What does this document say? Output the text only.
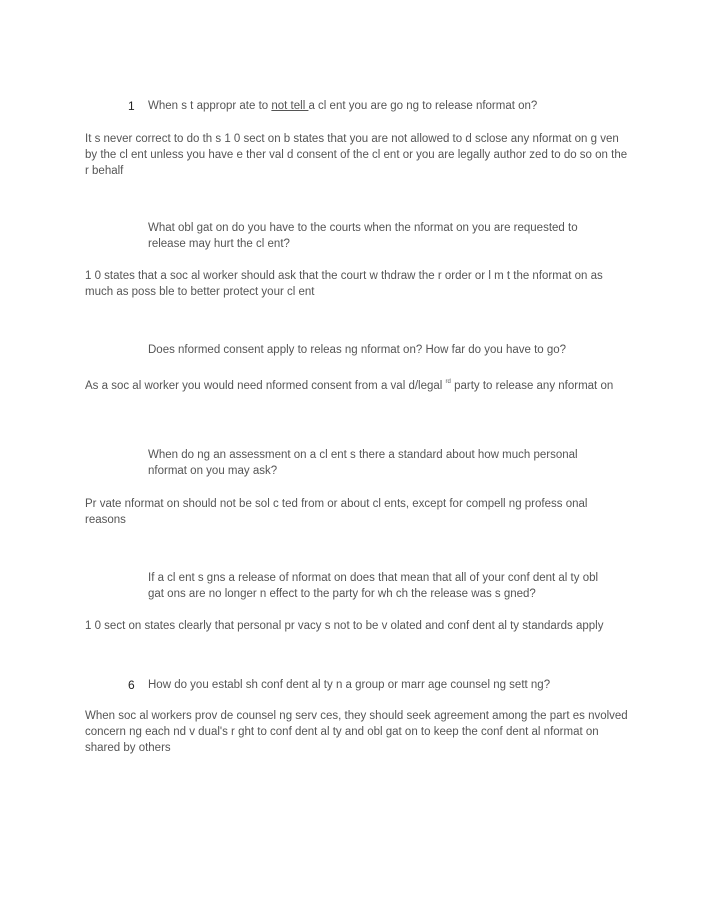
1 When s t appropr ate to not tell a cl ent you are go ng to release nformat on?
It s never correct to do th s 1 0 sect on b states that you are not allowed to d sclose any nformat on g ven by the cl ent unless you have e ther val d consent of the cl ent or you are legally author zed to do so on the r behalf
What obl gat on do you have to the courts when the nformat on you are requested to release may hurt the cl ent?
1 0 states that a soc al worker should ask that the court w thdraw the r order or l m t the nformat on as much as poss ble to better protect your cl ent
Does nformed consent apply to releas ng nformat on? How far do you have to go?
As a soc al worker you would need nformed consent from a val d/legal $^{rd}$ party to release any nformat on
When do ng an assessment on a cl ent s there a standard about how much personal nformat on you may ask?
Pr vate nformat on should not be sol c ted from or about cl ents, except for compell ng profess onal reasons
If a cl ent s gns a release of nformat on does that mean that all of your conf dent al ty obl gat ons are no longer n effect to the party for wh ch the release was s gned?
1 0 sect on states clearly that personal pr vacy s not to be v olated and conf dent al ty standards apply
6 How do you establ sh conf dent al ty n a group or marr age counsel ng sett ng?
When soc al workers prov de counsel ng serv ces, they should seek agreement among the part es nvolved concern ng each nd v dual's r ght to conf dent al ty and obl gat on to keep the conf dent al nformat on shared by others
